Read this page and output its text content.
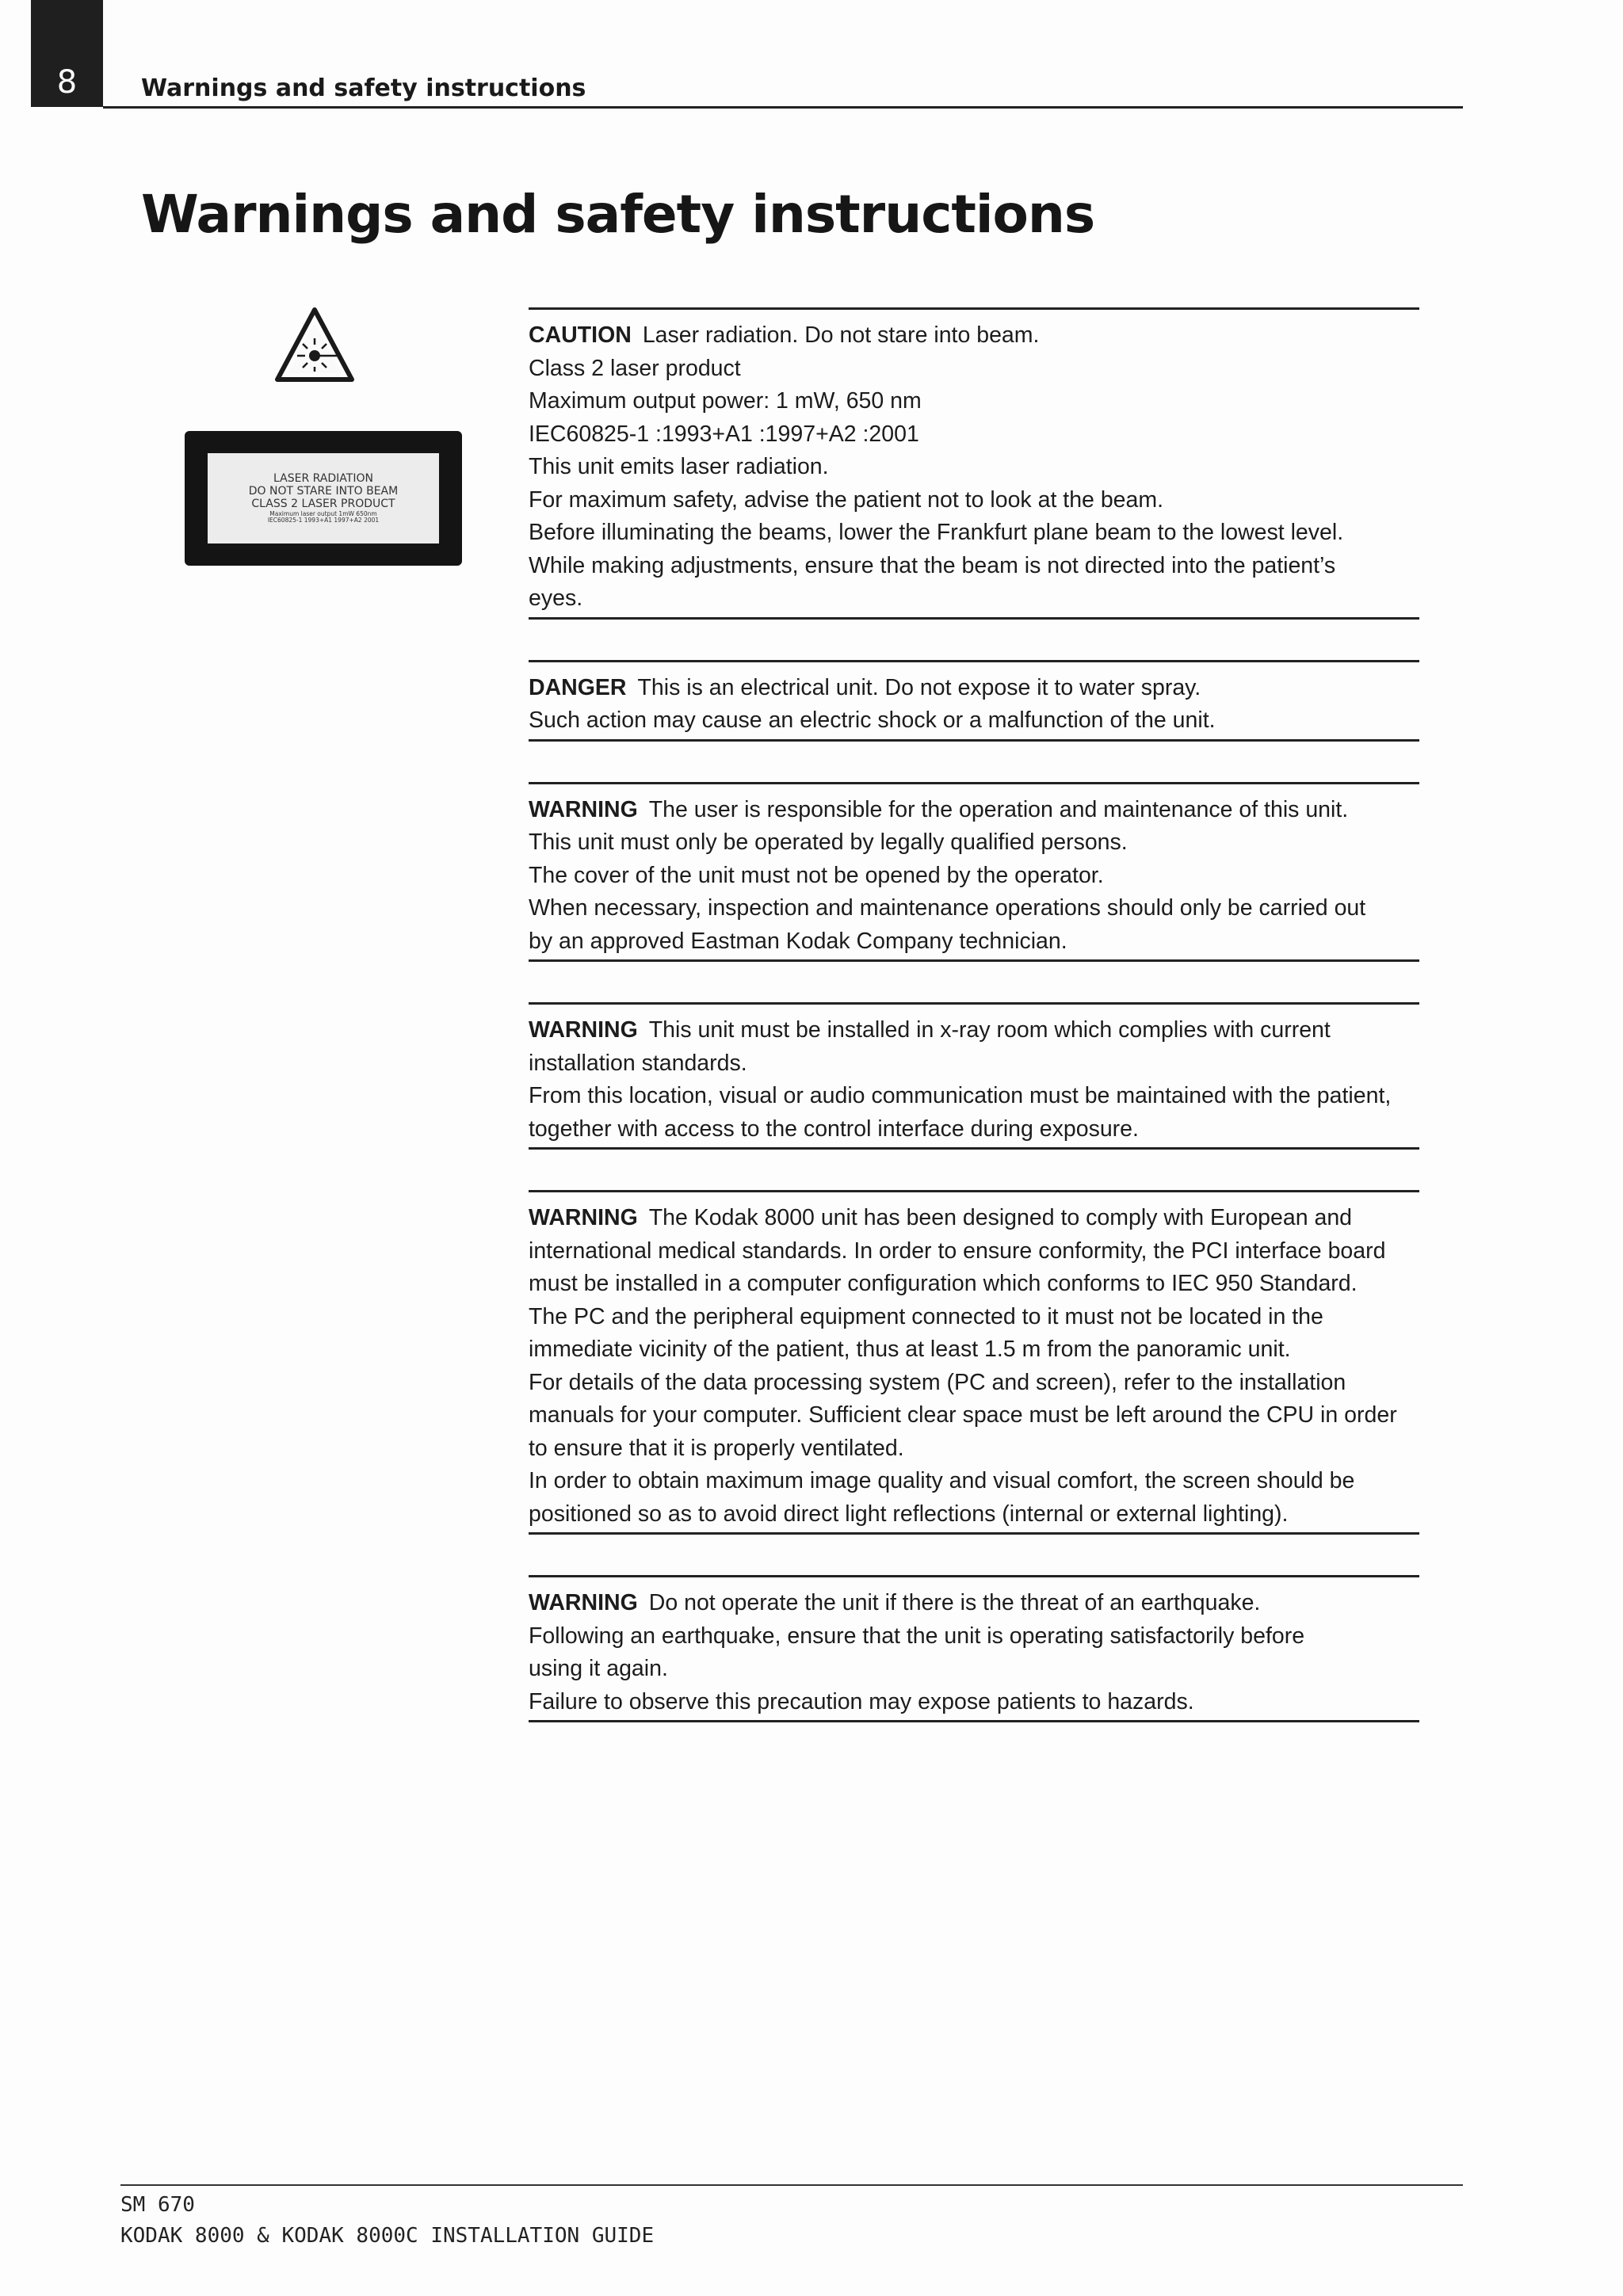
8	Warnings and safety instructions
Warnings and safety instructions
LASER RADIATION
DO NOT STARE INTO BEAM
CLASS 2 LASER PRODUCT
Maximum laser output 1mW 650nm
IEC60825-1 1993+A1 1997+A2 2001
CAUTION Laser radiation. Do not stare into beam.
Class 2 laser product
Maximum output power: 1 mW, 650 nm
IEC60825-1 :1993+A1 :1997+A2 :2001
This unit emits laser radiation.
For maximum safety, advise the patient not to look at the beam.
Before illuminating the beams, lower the Frankfurt plane beam to the lowest level.
While making adjustments, ensure that the beam is not directed into the patient’s
eyes.
DANGER This is an electrical unit. Do not expose it to water spray.
Such action may cause an electric shock or a malfunction of the unit.
WARNING The user is responsible for the operation and maintenance of this unit.
This unit must only be operated by legally qualified persons.
The cover of the unit must not be opened by the operator.
When necessary, inspection and maintenance operations should only be carried out
by an approved Eastman Kodak Company technician.
WARNING This unit must be installed in x-ray room which complies with current
installation standards.
From this location, visual or audio communication must be maintained with the patient,
together with access to the control interface during exposure.
WARNING The Kodak 8000 unit has been designed to comply with European and
international medical standards. In order to ensure conformity, the PCI interface board
must be installed in a computer configuration which conforms to IEC 950 Standard.
The PC and the peripheral equipment connected to it must not be located in the
immediate vicinity of the patient, thus at least 1.5 m from the panoramic unit.
For details of the data processing system (PC and screen), refer to the installation
manuals for your computer. Sufficient clear space must be left around the CPU in order
to ensure that it is properly ventilated.
In order to obtain maximum image quality and visual comfort, the screen should be
positioned so as to avoid direct light reflections (internal or external lighting).
WARNING Do not operate the unit if there is the threat of an earthquake.
Following an earthquake, ensure that the unit is operating satisfactorily before
using it again.
Failure to observe this precaution may expose patients to hazards.
SM 670
KODAK 8000 & KODAK 8000C INSTALLATION GUIDE
